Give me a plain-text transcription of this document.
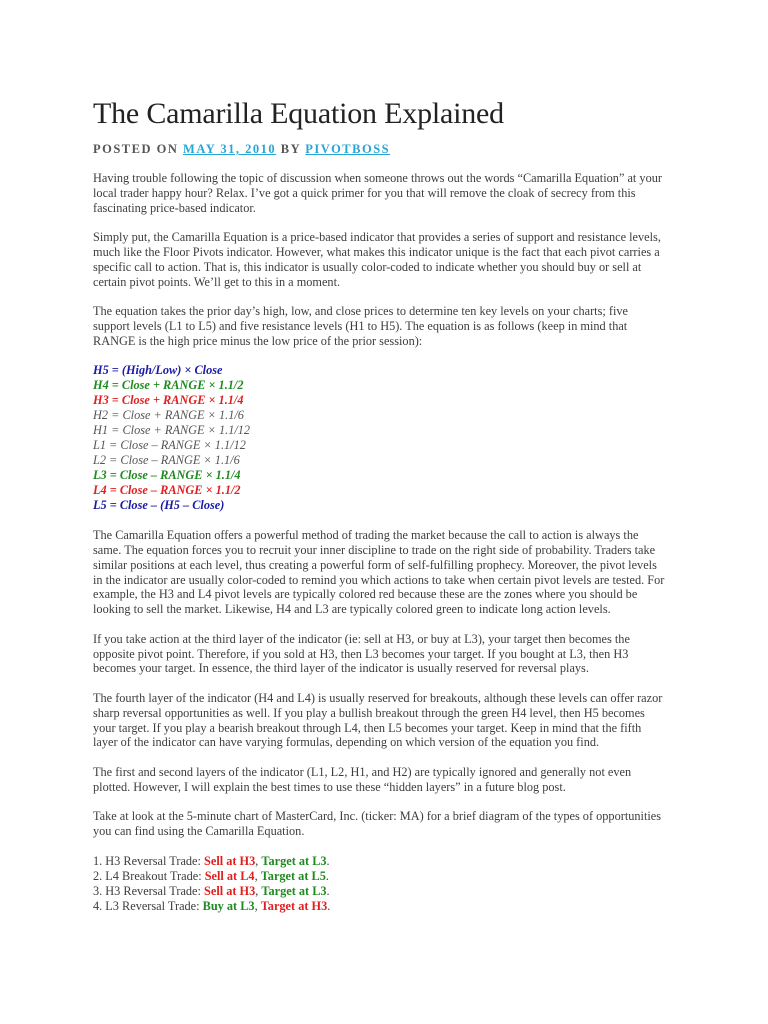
The Camarilla Equation Explained
POSTED ON MAY 31, 2010 BY PIVOTBOSS

Having trouble following the topic of discussion when someone throws out the words “Camarilla Equation” at your local trader happy hour? Relax. I’ve got a quick primer for you that will remove the cloak of secrecy from this fascinating price-based indicator.

Simply put, the Camarilla Equation is a price-based indicator that provides a series of support and resistance levels, much like the Floor Pivots indicator. However, what makes this indicator unique is the fact that each pivot carries a specific call to action. That is, this indicator is usually color-coded to indicate whether you should buy or sell at certain pivot points. We’ll get to this in a moment.

The equation takes the prior day’s high, low, and close prices to determine ten key levels on your charts; five support levels (L1 to L5) and five resistance levels (H1 to H5). The equation is as follows (keep in mind that RANGE is the high price minus the low price of the prior session):

H5 = (High/Low) × Close

H4 = Close + RANGE × 1.1/2

H3 = Close + RANGE × 1.1/4

H2 = Close + RANGE × 1.1/6

H1 = Close + RANGE × 1.1/12

L1 = Close – RANGE × 1.1/12

L2 = Close – RANGE × 1.1/6

L3 = Close – RANGE × 1.1/4

L4 = Close – RANGE × 1.1/2

L5 = Close – (H5 – Close)

The Camarilla Equation offers a powerful method of trading the market because the call to action is always the same. The equation forces you to recruit your inner discipline to trade on the right side of probability. Traders take similar positions at each level, thus creating a powerful form of self-fulfilling prophecy. Moreover, the pivot levels in the indicator are usually color-coded to remind you which actions to take when certain pivot levels are tested. For example, the H3 and L4 pivot levels are typically colored red because these are the zones where you should be looking to sell the market. Likewise, H4 and L3 are typically colored green to indicate long action levels.

If you take action at the third layer of the indicator (ie: sell at H3, or buy at L3), your target then becomes the opposite pivot point. Therefore, if you sold at H3, then L3 becomes your target. If you bought at L3, then H3 becomes your target. In essence, the third layer of the indicator is usually reserved for reversal plays.

The fourth layer of the indicator (H4 and L4) is usually reserved for breakouts, although these levels can offer razor sharp reversal opportunities as well. If you play a bullish breakout through the green H4 level, then H5 becomes your target. If you play a bearish breakout through L4, then L5 becomes your target. Keep in mind that the fifth layer of the indicator can have varying formulas, depending on which version of the equation you find.

The first and second layers of the indicator (L1, L2, H1, and H2) are typically ignored and generally not even plotted. However, I will explain the best times to use these “hidden layers” in a future blog post.

Take at look at the 5-minute chart of MasterCard, Inc. (ticker: MA) for a brief diagram of the types of opportunities you can find using the Camarilla Equation.

1. H3 Reversal Trade: Sell at H3, Target at L3.

2. L4 Breakout Trade: Sell at L4, Target at L5.

3. H3 Reversal Trade: Sell at H3, Target at L3.

4. L3 Reversal Trade: Buy at L3, Target at H3.
